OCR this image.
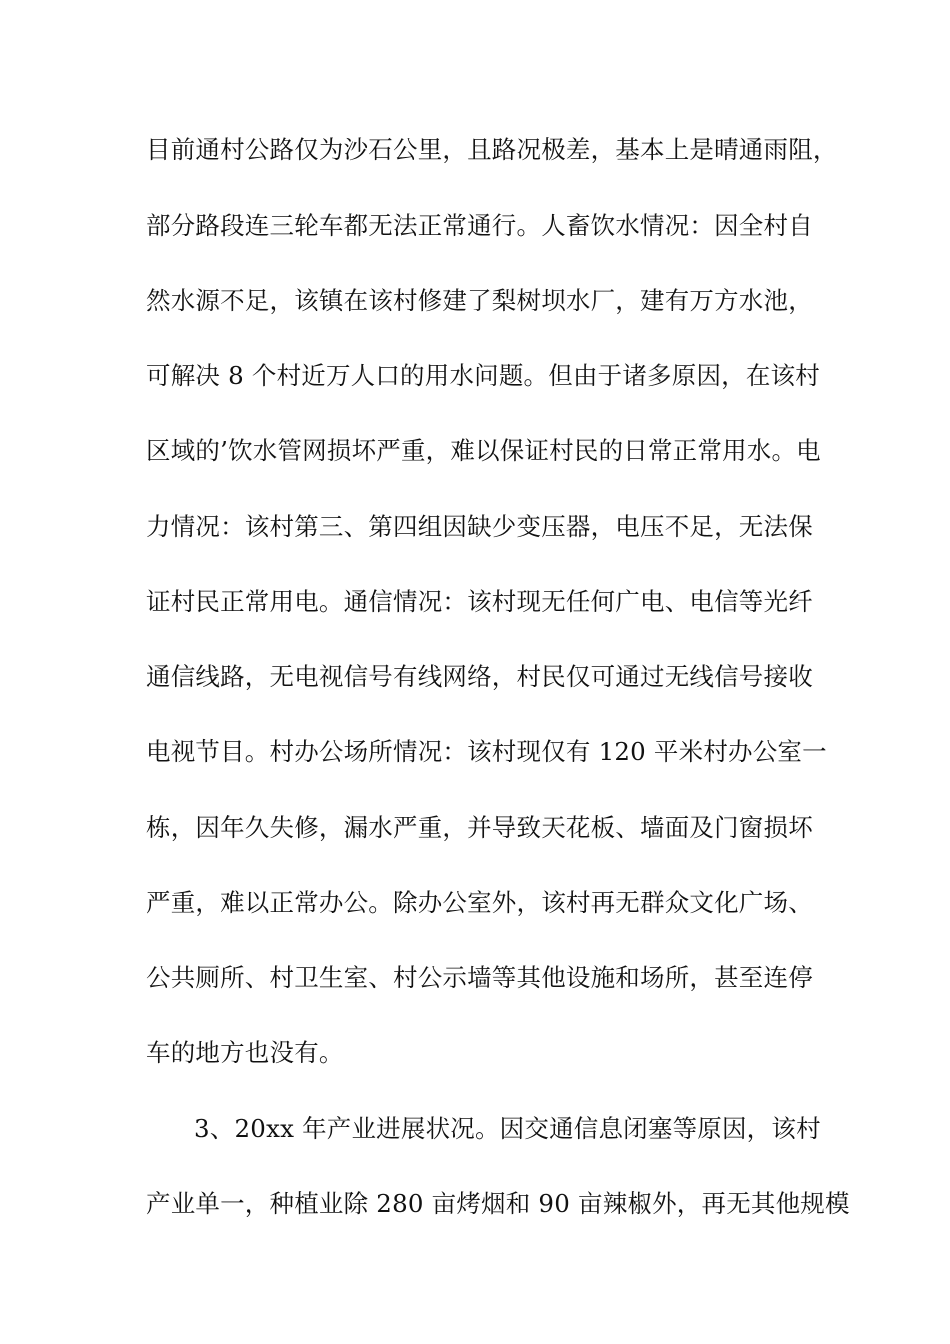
目前通村公路仅为沙石公里，且路况极差，基本上是晴通雨阻，
部分路段连三轮车都无法正常通行。人畜饮水情况：因全村自
然水源不足，该镇在该村修建了梨树坝水厂，建有万方水池，
可解决 8 个村近万人口的用水问题。但由于诸多原因，在该村
区域的’饮水管网损坏严重，难以保证村民的日常正常用水。电
力情况：该村第三、第四组因缺少变压器，电压不足，无法保
证村民正常用电。通信情况：该村现无任何广电、电信等光纤
通信线路，无电视信号有线网络，村民仅可通过无线信号接收
电视节目。村办公场所情况：该村现仅有 120 平米村办公室一
栋，因年久失修，漏水严重，并导致天花板、墙面及门窗损坏
严重，难以正常办公。除办公室外，该村再无群众文化广场、
公共厕所、村卫生室、村公示墙等其他设施和场所，甚至连停
车的地方也没有。
3、20xx 年产业进展状况。因交通信息闭塞等原因，该村
产业单一，种植业除 280 亩烤烟和 90 亩辣椒外，再无其他规模
